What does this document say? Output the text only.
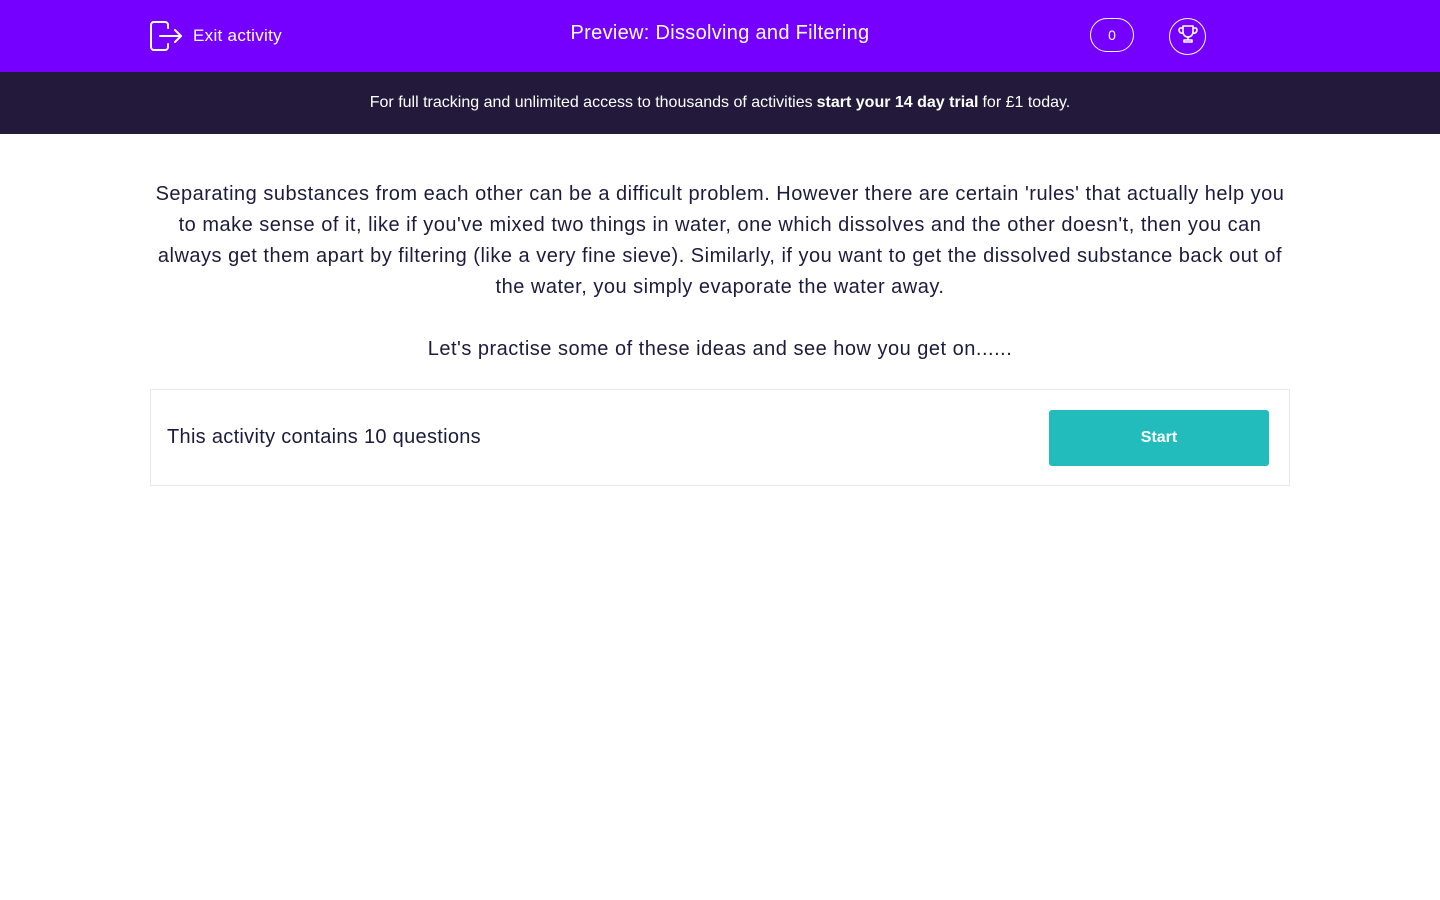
Exit activity	Preview: Dissolving and Filtering	0
For full tracking and unlimited access to thousands of activities start your 14 day trial for £1 today.

Separating substances from each other can be a difficult problem. However there are certain 'rules' that actually help you to make sense of it, like if you've mixed two things in water, one which dissolves and the other doesn't, then you can always get them apart by filtering (like a very fine sieve). Similarly, if you want to get the dissolved substance back out of the water, you simply evaporate the water away.

Let's practise some of these ideas and see how you get on......

This activity contains 10 questions	Start
